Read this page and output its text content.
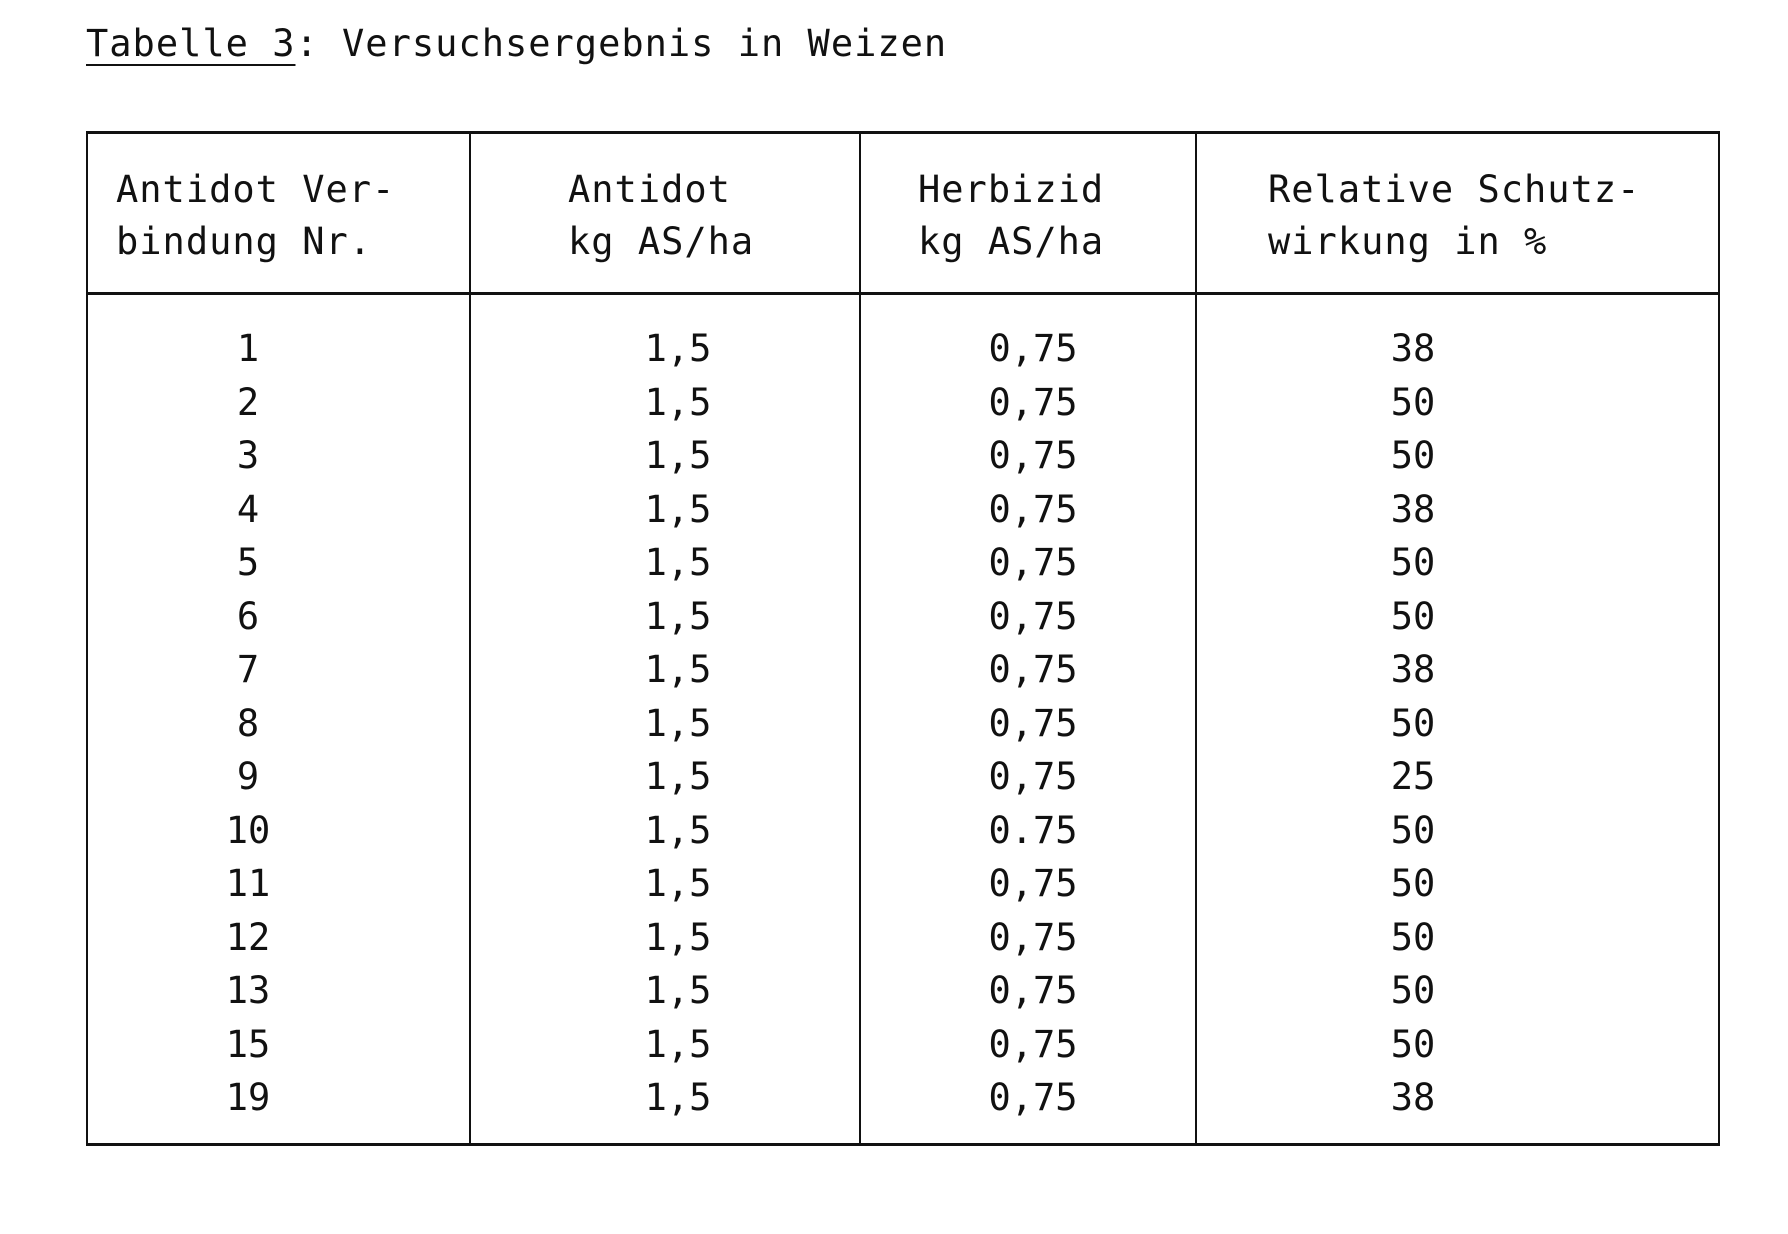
Tabelle 3: Versuchsergebnis in Weizen
Antidot Ver-
bindung Nr.
Antidot
kg AS/ha
Herbizid
kg AS/ha
Relative Schutz-
wirkung in %
1
2
3
4
5
6
7
8
9
10
11
12
13
15
19
1,5
1,5
1,5
1,5
1,5
1,5
1,5
1,5
1,5
1,5
1,5
1,5
1,5
1,5
1,5
0,75
0,75
0,75
0,75
0,75
0,75
0,75
0,75
0,75
0.75
0,75
0,75
0,75
0,75
0,75
38
50
50
38
50
50
38
50
25
50
50
50
50
50
38
